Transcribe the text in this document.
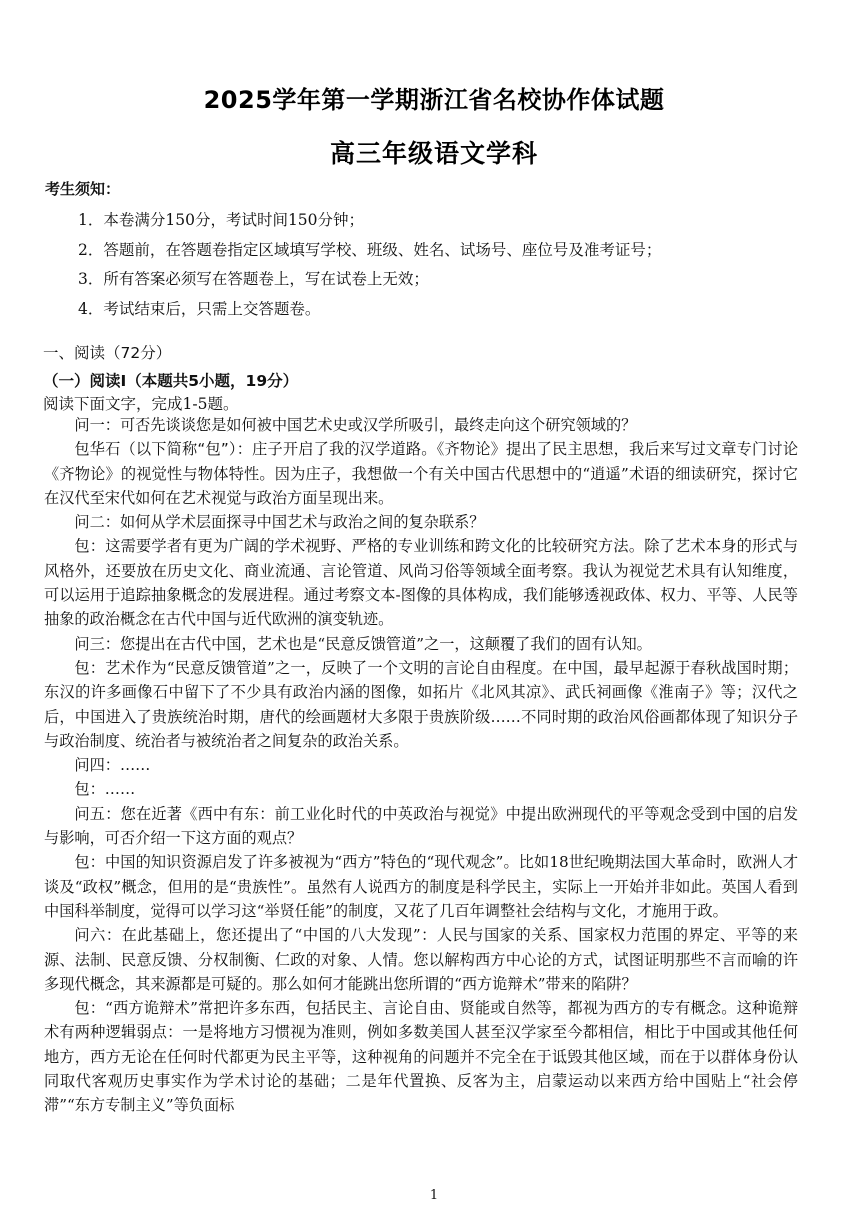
2025学年第一学期浙江省名校协作体试题
高三年级语文学科
考生须知：
1．本卷满分150分，考试时间150分钟；
2．答题前，在答题卷指定区域填写学校、班级、姓名、试场号、座位号及准考证号；
3．所有答案必须写在答题卷上，写在试卷上无效；
4．考试结束后，只需上交答题卷。
一、阅读（72分）
（一）阅读Ⅰ（本题共5小题，19分）
阅读下面文字，完成1-5题。

问一：可否先谈谈您是如何被中国艺术史或汉学所吸引，最终走向这个研究领域的？

包华石（以下简称“包”）：庄子开启了我的汉学道路。《齐物论》提出了民主思想，我后来写过文章专门讨论《齐物论》的视觉性与物体特性。因为庄子，我想做一个有关中国古代思想中的“逍遥”术语的细读研究，探讨它在汉代至宋代如何在艺术视觉与政治方面呈现出来。

问二：如何从学术层面探寻中国艺术与政治之间的复杂联系？

包：这需要学者有更为广阔的学术视野、严格的专业训练和跨文化的比较研究方法。除了艺术本身的形式与风格外，还要放在历史文化、商业流通、言论管道、风尚习俗等领域全面考察。我认为视觉艺术具有认知维度，可以运用于追踪抽象概念的发展进程。通过考察文本-图像的具体构成，我们能够透视政体、权力、平等、人民等抽象的政治概念在古代中国与近代欧洲的演变轨迹。

问三：您提出在古代中国，艺术也是“民意反馈管道”之一，这颠覆了我们的固有认知。

包：艺术作为“民意反馈管道”之一，反映了一个文明的言论自由程度。在中国，最早起源于春秋战国时期；东汉的许多画像石中留下了不少具有政治内涵的图像，如拓片《北风其凉》、武氏祠画像《淮南子》等；汉代之后，中国进入了贵族统治时期，唐代的绘画题材大多限于贵族阶级……不同时期的政治风俗画都体现了知识分子与政治制度、统治者与被统治者之间复杂的政治关系。

问四：……

包：……

问五：您在近著《西中有东：前工业化时代的中英政治与视觉》中提出欧洲现代的平等观念受到中国的启发与影响，可否介绍一下这方面的观点？

包：中国的知识资源启发了许多被视为“西方”特色的“现代观念”。比如18世纪晚期法国大革命时，欧洲人才谈及“政权”概念，但用的是“贵族性”。虽然有人说西方的制度是科学民主，实际上一开始并非如此。英国人看到中国科举制度，觉得可以学习这“举贤任能”的制度，又花了几百年调整社会结构与文化，才施用于政。

问六：在此基础上，您还提出了“中国的八大发现”：人民与国家的关系、国家权力范围的界定、平等的来源、法制、民意反馈、分权制衡、仁政的对象、人情。您以解构西方中心论的方式，试图证明那些不言而喻的许多现代概念，其来源都是可疑的。那么如何才能跳出您所谓的“西方诡辩术”带来的陷阱？

包：“西方诡辩术”常把许多东西，包括民主、言论自由、贤能或自然等，都视为西方的专有概念。这种诡辩术有两种逻辑弱点：一是将地方习惯视为准则，例如多数美国人甚至汉学家至今都相信，相比于中国或其他任何地方，西方无论在任何时代都更为民主平等，这种视角的问题并不完全在于诋毁其他区域，而在于以群体身份认同取代客观历史事实作为学术讨论的基础；二是年代置换、反客为主，启蒙运动以来西方给中国贴上“社会停滞”“东方专制主义”等负面标

1
